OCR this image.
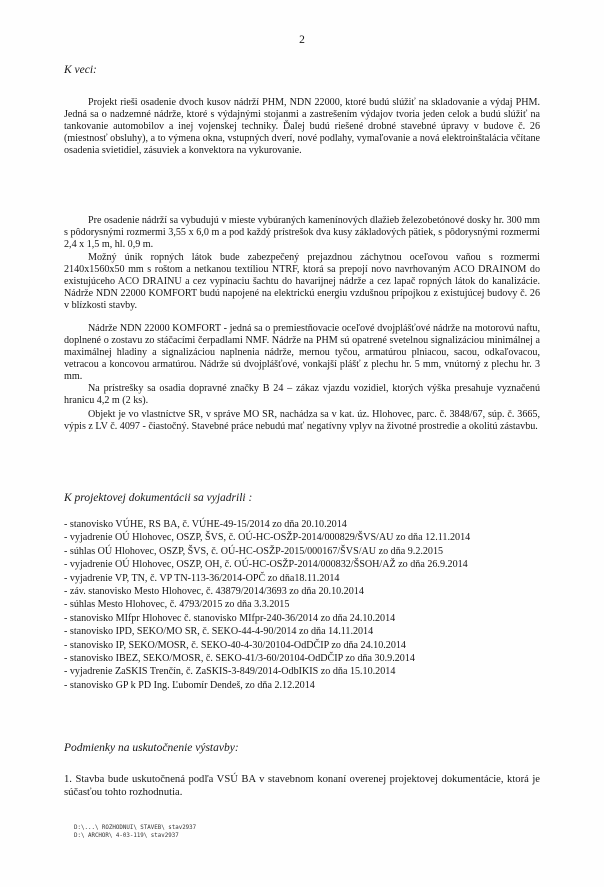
2
K veci:

Projekt rieši osadenie dvoch kusov nádrží PHM, NDN 22000, ktoré budú slúžiť na skladovanie a výdaj PHM. Jedná sa o nadzemné nádrže, ktoré s výdajnými stojanmi a zastrešením výdajov tvoria jeden celok a budú slúžiť na tankovanie automobilov a inej vojenskej techniky. Ďalej budú riešené drobné stavebné úpravy v budove č. 26 (miestnosť obsluhy), a to výmena okna, vstupných dverí, nové podlahy, vymaľovanie a nová elektroinštalácia včítane osadenia svietidiel, zásuviek a konvektora na vykurovanie.

Pre osadenie nádrží sa vybudujú v mieste vybúraných kamenínových dlažieb železobetónové dosky hr. 300 mm s pôdorysnými rozmermi 3,55 x 6,0 m a pod každý prístrešok dva kusy základových pätiek, s pôdorysnými rozmermi 2,4 x 1,5 m, hl. 0,9 m.

Možný únik ropných látok bude zabezpečený prejazdnou záchytnou oceľovou vaňou s rozmermi 2140x1560x50 mm s roštom a netkanou textíliou NTRF, ktorá sa prepojí novo navrhovaným ACO DRAINOM do existujúceho ACO DRAINU a cez vypínaciu šachtu do havarijnej nádrže a cez lapač ropných látok do kanalizácie. Nádrže NDN 22000 KOMFORT budú napojené na elektrickú energiu vzdušnou prípojkou z existujúcej budovy č. 26 v blízkosti stavby.

Nádrže NDN 22000 KOMFORT - jedná sa o premiestňovacie oceľové dvojplášťové nádrže na motorovú naftu, doplnené o zostavu zo stáčacími čerpadlami NMF. Nádrže na PHM sú opatrené svetelnou signalizáciou minimálnej a maximálnej hladiny a signalizáciou naplnenia nádrže, mernou tyčou, armatúrou plniacou, sacou, odkaľovacou, vetracou a koncovou armatúrou. Nádrže sú dvojplášťové, vonkajší plášť z plechu hr. 5 mm, vnútorný z plechu hr. 3 mm.

Na prístrešky sa osadia dopravné značky B 24 – zákaz vjazdu vozidiel, ktorých výška presahuje vyznačenú hranicu 4,2 m (2 ks).

Objekt je vo vlastníctve SR, v správe MO SR, nachádza sa v kat. úz. Hlohovec, parc. č. 3848/67, súp. č. 3665, výpis z LV č. 4097 - čiastočný. Stavebné práce nebudú mať negatívny vplyv na životné prostredie a okolitú zástavbu.

K projektovej dokumentácii sa vyjadrili :
- stanovisko VÚHE, RS BA, č. VÚHE-49-15/2014 zo dňa 20.10.2014
- vyjadrenie OÚ Hlohovec, OSZP, ŠVS, č. OÚ-HC-OSŽP-2014/000829/ŠVS/AU zo dňa 12.11.2014
- súhlas OÚ Hlohovec, OSZP, ŠVS, č. OÚ-HC-OSŽP-2015/000167/ŠVS/AU zo dňa 9.2.2015
- vyjadrenie OÚ Hlohovec, OSZP, OH, č. OÚ-HC-OSŽP-2014/000832/ŠSOH/AŽ zo dňa 26.9.2014
- vyjadrenie VP, TN, č. VP TN-113-36/2014-OPČ zo dňa18.11.2014
- záv. stanovisko Mesto Hlohovec, č. 43879/2014/3693 zo dňa 20.10.2014
- súhlas Mesto Hlohovec, č. 4793/2015 zo dňa 3.3.2015
- stanovisko MIfpr Hlohovec č. stanovisko MIfpr-240-36/2014 zo dňa 24.10.2014
- stanovisko IPD, SEKO/MO SR, č. SEKO-44-4-90/2014 zo dňa 14.11.2014
- stanovisko IP, SEKO/MOSR, č. SEKO-40-4-30/20104-OdDČIP zo dňa 24.10.2014
- stanovisko IBEZ, SEKO/MOSR, č. SEKO-41/3-60/20104-OdDČIP zo dňa 30.9.2014
- vyjadrenie ZaSKIS Trenčín, č. ZaSKIS-3-849/2014-OdbIKIS zo dňa 15.10.2014
- stanovisko GP k PD Ing. Ľubomír Dendeš, zo dňa 2.12.2014
Podmienky na uskutočnenie výstavby:

1. Stavba bude uskutočnená podľa VSÚ BA v stavebnom konaní overenej projektovej dokumentácie, ktorá je súčasťou tohto rozhodnutia.

D:\...\ ROZHODNUI\ STAVEB\ stav2937
D:\ ARCHOR\ 4-03-119\ stav2937
